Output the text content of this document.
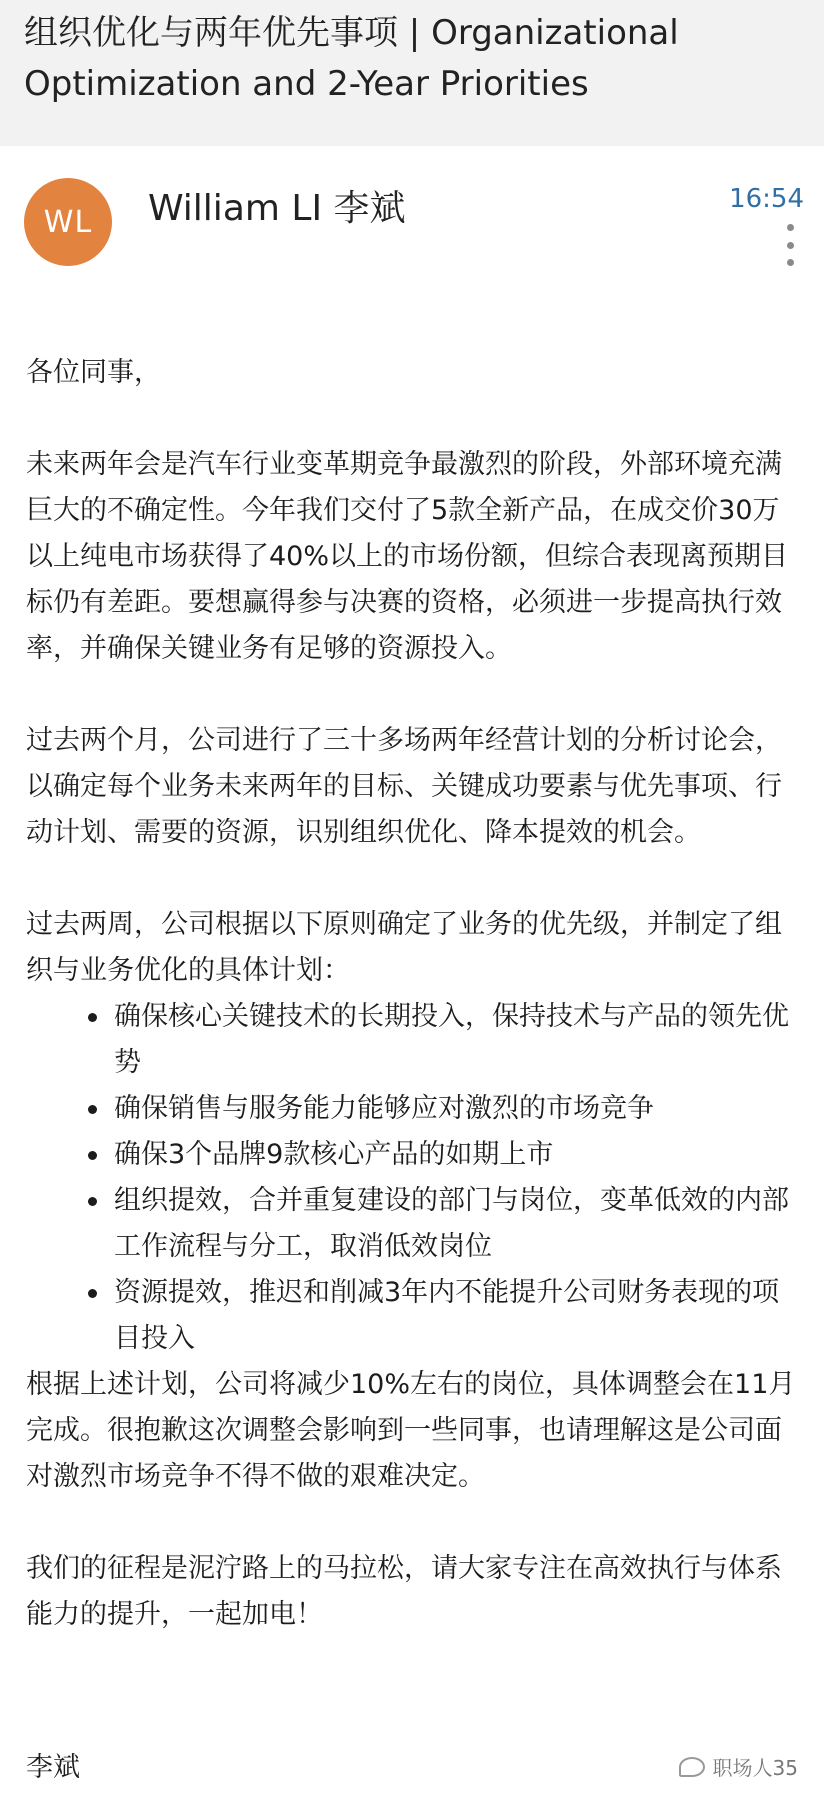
组织优化与两年优先事项 | Organizational Optimization and 2-Year Priorities
WL	William LI 李斌	16:54

各位同事，

未来两年会是汽车行业变革期竞争最激烈的阶段，外部环境充满巨大的不确定性。今年我们交付了5款全新产品，在成交价30万以上纯电市场获得了40%以上的市场份额，但综合表现离预期目标仍有差距。要想赢得参与决赛的资格，必须进一步提高执行效率，并确保关键业务有足够的资源投入。

过去两个月，公司进行了三十多场两年经营计划的分析讨论会，以确定每个业务未来两年的目标、关键成功要素与优先事项、行动计划、需要的资源，识别组织优化、降本提效的机会。

过去两周，公司根据以下原则确定了业务的优先级，并制定了组织与业务优化的具体计划：

确保核心关键技术的长期投入，保持技术与产品的领先优势
确保销售与服务能力能够应对激烈的市场竞争
确保3个品牌9款核心产品的如期上市
组织提效，合并重复建设的部门与岗位，变革低效的内部工作流程与分工，取消低效岗位
资源提效，推迟和削减3年内不能提升公司财务表现的项目投入

根据上述计划，公司将减少10%左右的岗位，具体调整会在11月完成。很抱歉这次调整会影响到一些同事，也请理解这是公司面对激烈市场竞争不得不做的艰难决定。

我们的征程是泥泞路上的马拉松，请大家专注在高效执行与体系能力的提升，一起加电！

李斌	职场人35
